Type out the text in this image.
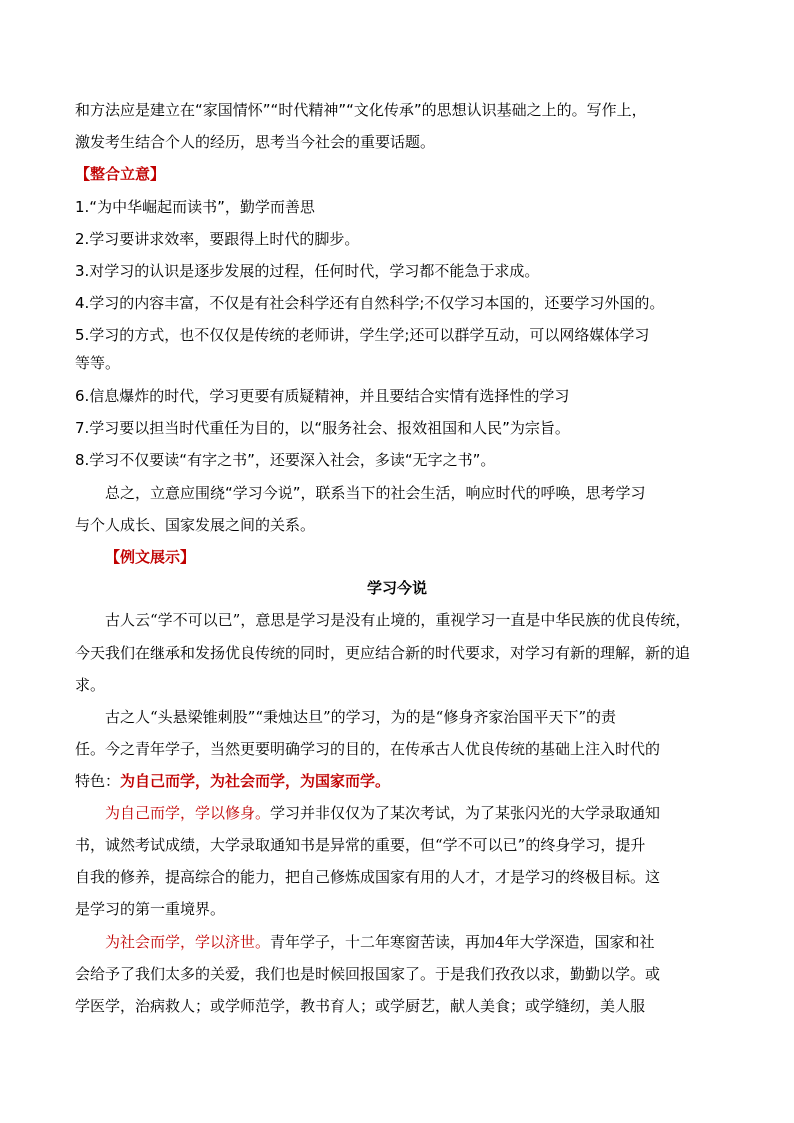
和方法应是建立在“家国情怀”“时代精神”“文化传承”的思想认识基础之上的。写作上，
激发考生结合个人的经历，思考当今社会的重要话题。
【整合立意】
1.“为中华崛起而读书”，勤学而善思
2.学习要讲求效率，要跟得上时代的脚步。
3.对学习的认识是逐步发展的过程，任何时代，学习都不能急于求成。
4.学习的内容丰富，不仅是有社会科学还有自然科学;不仅学习本国的，还要学习外国的。
5.学习的方式，也不仅仅是传统的老师讲，学生学;还可以群学互动，可以网络媒体学习
等等。
6.信息爆炸的时代，学习更要有质疑精神，并且要结合实情有选择性的学习
7.学习要以担当时代重任为目的，以“服务社会、报效祖国和人民”为宗旨。
8.学习不仅要读“有字之书”，还要深入社会，多读“无字之书”。
总之，立意应围绕“学习今说”，联系当下的社会生活，响应时代的呼唤，思考学习
与个人成长、国家发展之间的关系。
【例文展示】
学习今说
古人云“学不可以已”，意思是学习是没有止境的，重视学习一直是中华民族的优良传统，
今天我们在继承和发扬优良传统的同时，更应结合新的时代要求，对学习有新的理解，新的追
求。
古之人“头悬梁锥刺股”“秉烛达旦”的学习，为的是“修身齐家治国平天下”的责
任。今之青年学子，当然更要明确学习的目的，在传承古人优良传统的基础上注入时代的
特色：为自己而学，为社会而学，为国家而学。
为自己而学，学以修身。学习并非仅仅为了某次考试，为了某张闪光的大学录取通知
书，诚然考试成绩，大学录取通知书是异常的重要，但“学不可以已”的终身学习，提升
自我的修养，提高综合的能力，把自己修炼成国家有用的人才，才是学习的终极目标。这
是学习的第一重境界。
为社会而学，学以济世。青年学子，十二年寒窗苦读，再加4年大学深造，国家和社
会给予了我们太多的关爱，我们也是时候回报国家了。于是我们孜孜以求，勤勤以学。或
学医学，治病救人；或学师范学，教书育人；或学厨艺，献人美食；或学缝纫，美人服
